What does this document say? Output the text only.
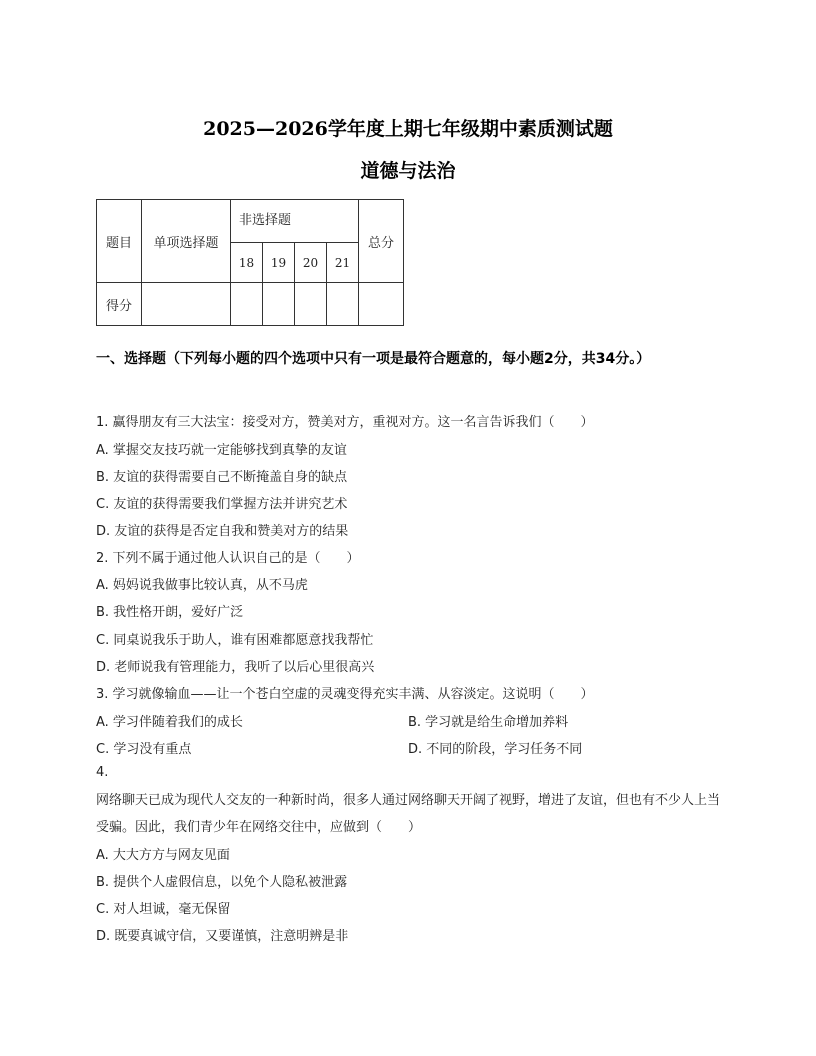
2025—2026学年度上期七年级期中素质测试题
道德与法治
题目	单项选择题	非选择题				总分
		18	19	20	21	
得分						
一、选择题（下列每小题的四个选项中只有一项是最符合题意的，每小题2分，共34分。）
1. 赢得朋友有三大法宝：接受对方，赞美对方，重视对方。这一名言告诉我们（　　）
A. 掌握交友技巧就一定能够找到真挚的友谊
B. 友谊的获得需要自己不断掩盖自身的缺点
C. 友谊的获得需要我们掌握方法并讲究艺术
D. 友谊的获得是否定自我和赞美对方的结果
2. 下列不属于通过他人认识自己的是（　　）
A. 妈妈说我做事比较认真，从不马虎
B. 我性格开朗，爱好广泛
C. 同桌说我乐于助人，谁有困难都愿意找我帮忙
D. 老师说我有管理能力，我听了以后心里很高兴
3. 学习就像输血——让一个苍白空虚的灵魂变得充实丰满、从容淡定。这说明（　　）
A. 学习伴随着我们的成长	B. 学习就是给生命增加养料
C. 学习没有重点	D. 不同的阶段，学习任务不同
4.
网络聊天已成为现代人交友的一种新时尚，很多人通过网络聊天开阔了视野，增进了友谊，但也有不少人上当受骗。因此，我们青少年在网络交往中，应做到（　　）
A. 大大方方与网友见面
B. 提供个人虚假信息，以免个人隐私被泄露
C. 对人坦诚，毫无保留
D. 既要真诚守信，又要谨慎，注意明辨是非
